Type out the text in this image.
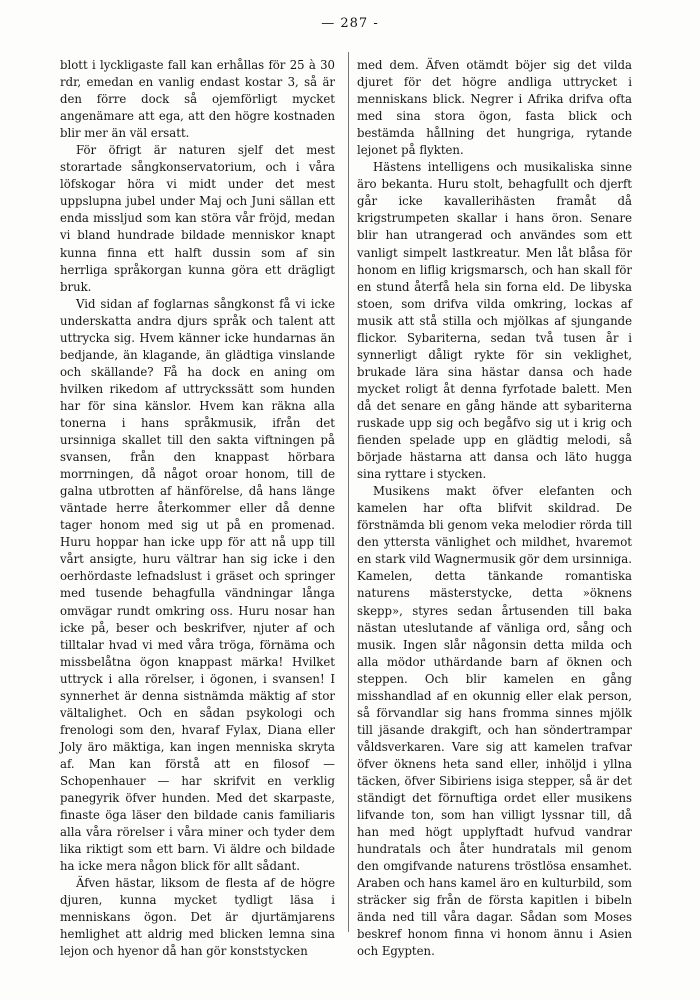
— 287 -

blott i lyckligaste fall kan erhållas för 25 à 30 rdr, emedan en vanlig endast kostar 3, så är den förre dock så ojemförligt mycket angenämare att ega, att den högre kostnaden blir mer än väl ersatt.

För öfrigt är naturen sjelf det mest storartade sångkonservatorium, och i våra löfskogar höra vi midt under det mest uppslupna jubel under Maj och Juni sällan ett enda missljud som kan störa vår fröjd, medan vi bland hundrade bildade menniskor knapt kunna finna ett halft dussin som af sin herrliga språkorgan kunna göra ett drägligt bruk.

Vid sidan af foglarnas sångkonst få vi icke underskatta andra djurs språk och talent att uttrycka sig. Hvem känner icke hundarnas än bedjande, än klagande, än glädtiga vinslande och skällande? Få ha dock en aning om hvilken rikedom af uttryckssätt som hunden har för sina känslor. Hvem kan räkna alla tonerna i hans språkmusik, ifrån det ursinniga skallet till den sakta viftningen på svansen, från den knappast hörbara morrningen, då något oroar honom, till de galna utbrotten af hänförelse, då hans länge väntade herre återkommer eller då denne tager honom med sig ut på en promenad. Huru hoppar han icke upp för att nå upp till vårt ansigte, huru vältrar han sig icke i den oerhördaste lefnadslust i gräset och springer med tusende behagfulla vändningar långa omvägar rundt omkring oss. Huru nosar han icke på, beser och beskrifver, njuter af och tilltalar hvad vi med våra tröga, förnäma och missbelåtna ögon knappast märka! Hvilket uttryck i alla rörelser, i ögonen, i svansen! I synnerhet är denna sistnämda mäktig af stor vältalighet. Och en sådan psykologi och frenologi som den, hvaraf Fylax, Diana eller Joly äro mäktiga, kan ingen menniska skryta af. Man kan förstå att en filosof — Schopenhauer — har skrifvit en verklig panegyrik öfver hunden. Med det skarpaste, finaste öga läser den bildade canis familiaris alla våra rörelser i våra miner och tyder dem lika riktigt som ett barn. Vi äldre och bildade ha icke mera någon blick för allt sådant.

Äfven hästar, liksom de flesta af de högre djuren, kunna mycket tydligt läsa i menniskans ögon. Det är djurtämjarens hemlighet att aldrig med blicken lemna sina lejon och hyenor då han gör konststycken

med dem. Äfven otämdt böjer sig det vilda djuret för det högre andliga uttrycket i menniskans blick. Negrer i Afrika drifva ofta med sina stora ögon, fasta blick och bestämda hållning det hungriga, rytande lejonet på flykten.

Hästens intelligens och musikaliska sinne äro bekanta. Huru stolt, behagfullt och djerft går icke kavallerihästen framåt då krigstrumpeten skallar i hans öron. Senare blir han utrangerad och användes som ett vanligt simpelt lastkreatur. Men låt blåsa för honom en liflig krigsmarsch, och han skall för en stund återfå hela sin forna eld. De libyska stoen, som drifva vilda omkring, lockas af musik att stå stilla och mjölkas af sjungande flickor. Sybariterna, sedan två tusen år i synnerligt dåligt rykte för sin veklighet, brukade lära sina hästar dansa och hade mycket roligt åt denna fyrfotade balett. Men då det senare en gång hände att sybariterna ruskade upp sig och begåfvo sig ut i krig och fienden spelade upp en glädtig melodi, så började hästarna att dansa och läto hugga sina ryttare i stycken.

Musikens makt öfver elefanten och kamelen har ofta blifvit skildrad. De förstnämda bli genom veka melodier rörda till den yttersta vänlighet och mildhet, hvaremot en stark vild Wagnermusik gör dem ursinniga. Kamelen, detta tänkande romantiska naturens mästerstycke, detta »öknens skepp», styres sedan årtusenden till baka nästan uteslutande af vänliga ord, sång och musik. Ingen slår någonsin detta milda och alla mödor uthärdande barn af öknen och steppen. Och blir kamelen en gång misshandlad af en okunnig eller elak person, så förvandlar sig hans fromma sinnes mjölk till jäsande drakgift, och han söndertrampar våldsverkaren. Vare sig att kamelen trafvar öfver öknens heta sand eller, inhöljd i yllna täcken, öfver Sibiriens isiga stepper, så är det ständigt det förnuftiga ordet eller musikens lifvande ton, som han villigt lyssnar till, då han med högt upplyftadt hufvud vandrar hundratals och åter hundratals mil genom den omgifvande naturens tröstlösa ensamhet. Araben och hans kamel äro en kulturbild, som sträcker sig från de första kapitlen i bibeln ända ned till våra dagar. Sådan som Moses beskref honom finna vi honom ännu i Asien och Egypten.
